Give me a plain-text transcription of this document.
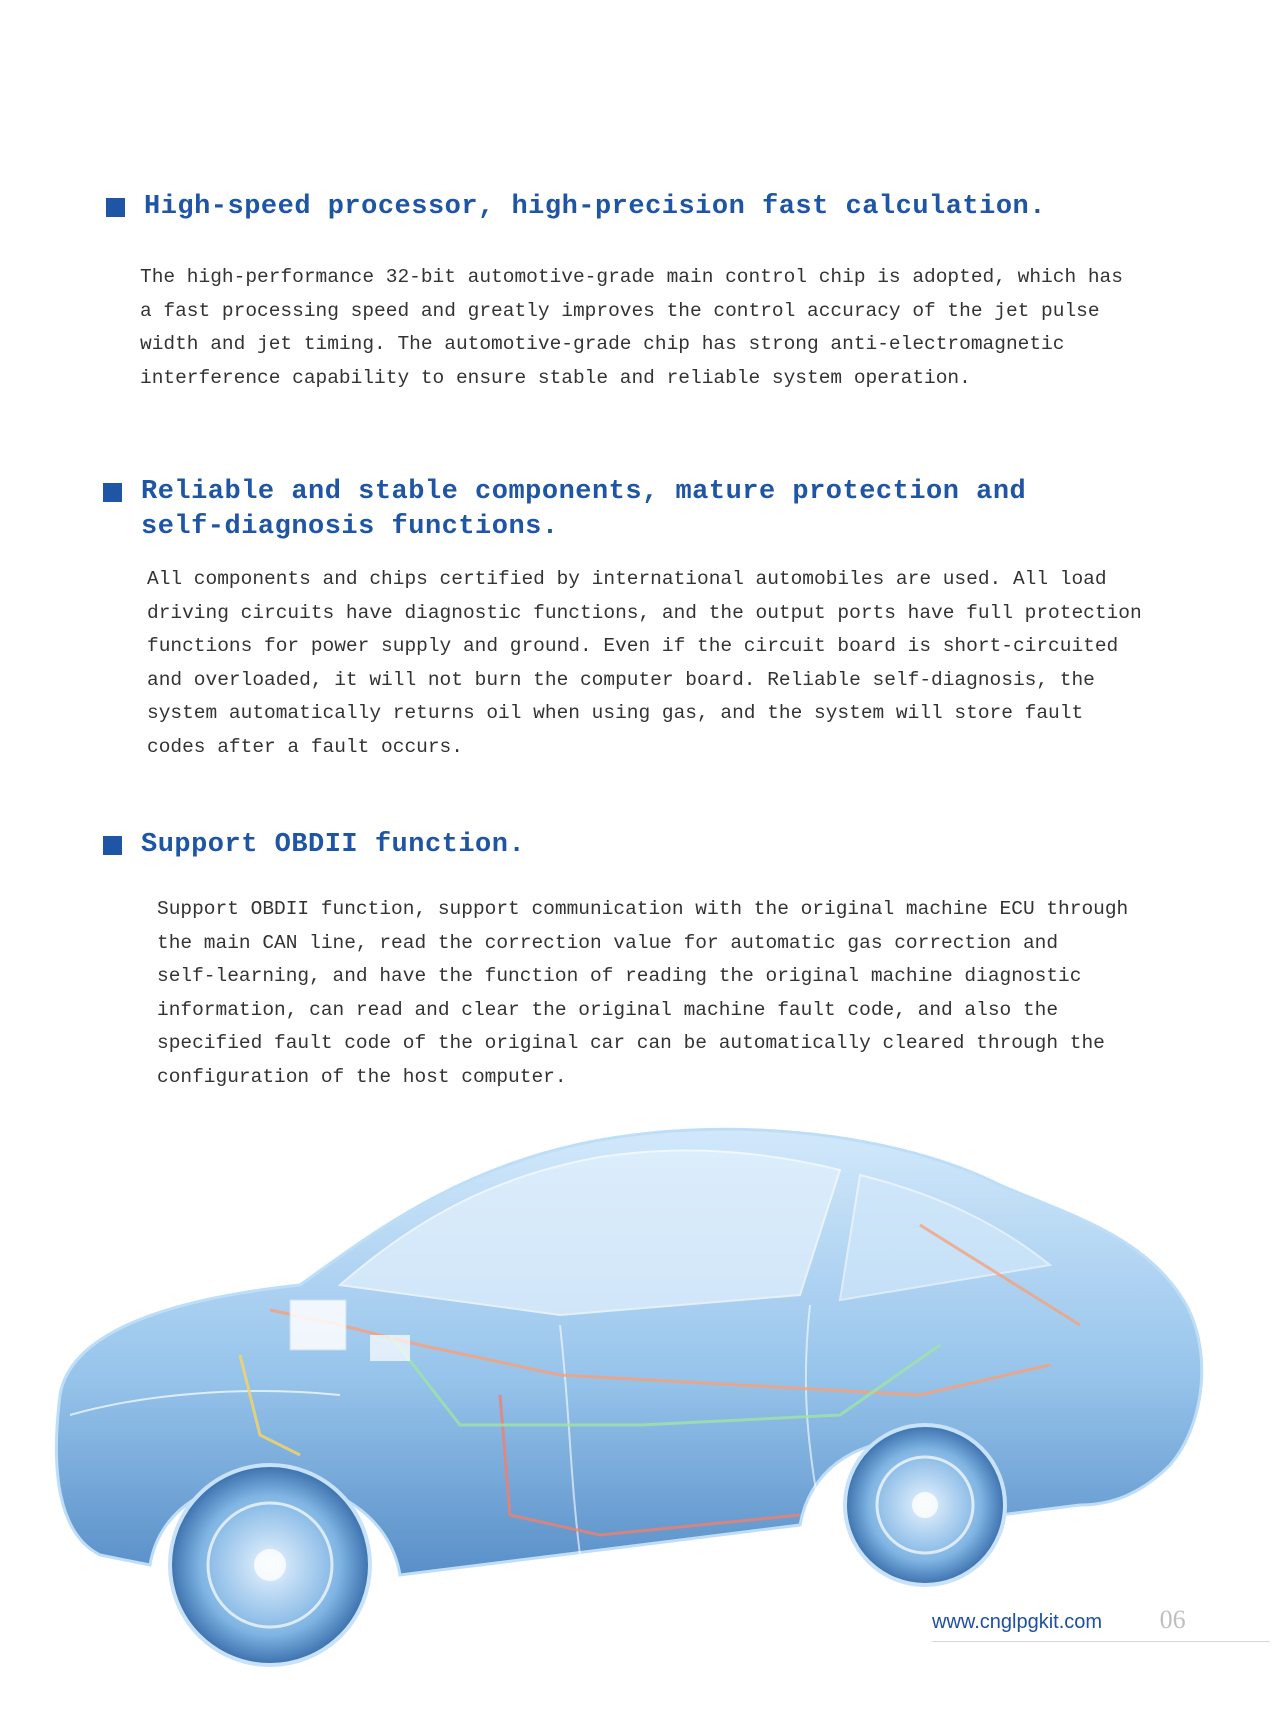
High-speed processor, high-precision fast calculation.

The high-performance 32-bit automotive-grade main control chip is adopted, which has

a fast processing speed and greatly improves the control accuracy of the jet pulse

width and jet timing. The automotive-grade chip has strong anti-electromagnetic

interference capability to ensure stable and reliable system operation.

Reliable and stable components, mature protection and
self-diagnosis functions.

All components and chips certified by international automobiles are used. All load

driving circuits have diagnostic functions, and the output ports have full protection

functions for power supply and ground. Even if the circuit board is short-circuited

and overloaded, it will not burn the computer board. Reliable self-diagnosis, the

system automatically returns oil when using gas, and the system will store fault

codes after a fault occurs.

Support OBDII function.

Support OBDII function, support communication with the original machine ECU through

the main CAN line, read the correction value for automatic gas correction and

self-learning, and have the function of reading the original machine diagnostic

information, can read and clear the original machine fault code, and also the

specified fault code of the original car can be automatically cleared through the

configuration of the host computer.

www.cnglpgkit.com 06
